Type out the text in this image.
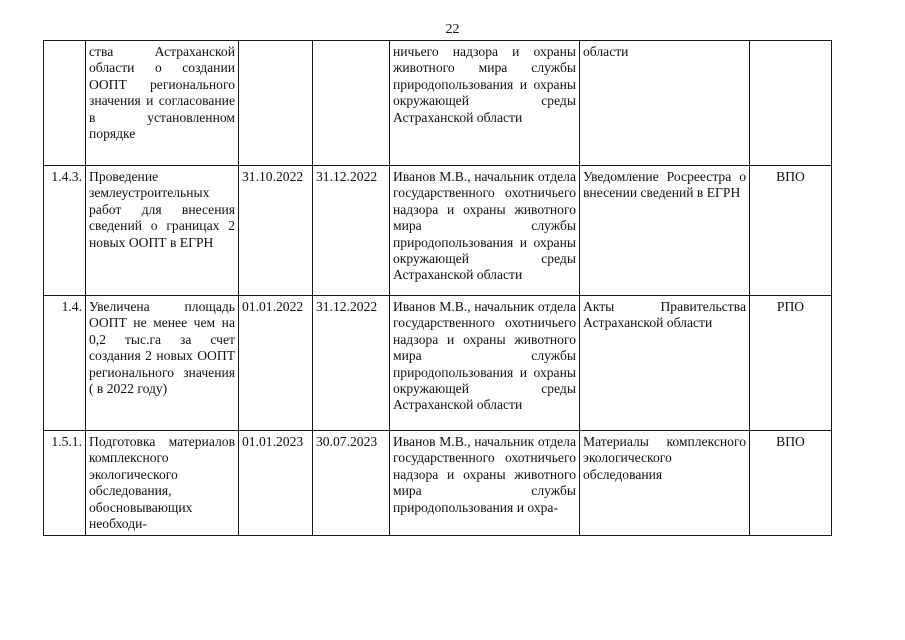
22
	ства Астраханской области о создании ООПТ регионального значения и согласование в установленном порядке			ничьего надзора и охраны животного мира службы природопользования и охраны окружающей среды Астраханской области	области	
1.4.3.	Проведение землеустроительных работ для внесения сведений о границах 2 новых ООПТ в ЕГРН	31.10.2022	31.12.2022	Иванов М.В., начальник отдела государственного охотничьего надзора и охраны животного мира службы природопользования и охраны окружающей среды Астраханской области	Уведомление Росреестра о внесении сведений в ЕГРН	ВПО
1.4.	Увеличена площадь ООПТ не менее чем на 0,2 тыс.га за счет создания 2 новых ООПТ регионального значения ( в 2022 году)	01.01.2022	31.12.2022	Иванов М.В., начальник отдела государственного охотничьего надзора и охраны животного мира службы природопользования и охраны окружающей среды Астраханской области	Акты Правительства Астраханской области	РПО
1.5.1.	Подготовка материалов комплексного экологического обследования, обосновывающих необходи-	01.01.2023	30.07.2023	Иванов М.В., начальник отдела государственного охотничьего надзора и охраны животного мира службы природопользования и охра-	Материалы комплексного экологического обследования	ВПО
